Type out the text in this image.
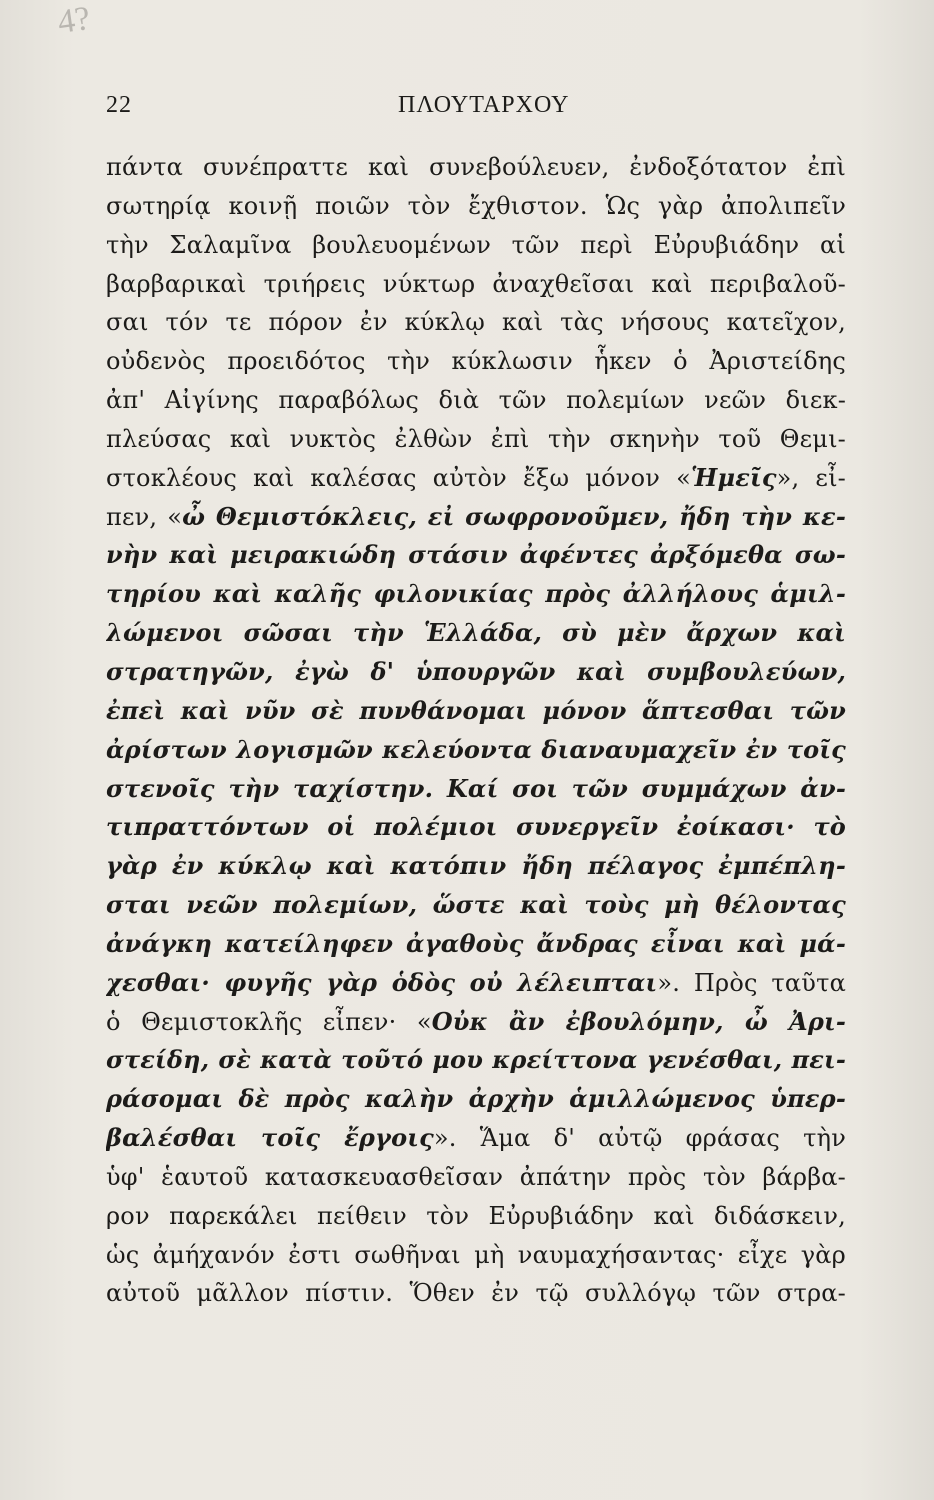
4?
22	ΠΛΟΥΤΑΡΧΟΥ
πάντα συνέπραττε καὶ συνεβούλευεν, ἐνδοξότατον ἐπὶ
σωτηρίᾳ κοινῇ ποιῶν τὸν ἔχθιστον. Ὡς γὰρ ἀπολιπεῖν
τὴν Σαλαμῖνα βουλευομένων τῶν περὶ Εὐρυβιάδην αἱ
βαρβαρικαὶ τριήρεις νύκτωρ ἀναχθεῖσαι καὶ περιβαλοῦ-
σαι τόν τε πόρον ἐν κύκλῳ καὶ τὰς νήσους κατεῖχον,
οὐδενὸς προειδότος τὴν κύκλωσιν ἧκεν ὁ Ἀριστείδης
ἀπ' Αἰγίνης παραβόλως διὰ τῶν πολεμίων νεῶν διεκ-
πλεύσας καὶ νυκτὸς ἐλθὼν ἐπὶ τὴν σκηνὴν τοῦ Θεμι-
στοκλέους καὶ καλέσας αὐτὸν ἔξω μόνον «Ἡμεῖς», εἶ-
πεν, «ὦ Θεμιστόκλεις, εἰ σωφρονοῦμεν, ἤδη τὴν κε-
νὴν καὶ μειρακιώδη στάσιν ἀφέντες ἀρξόμεθα σω-
τηρίου καὶ καλῆς φιλονικίας πρὸς ἀλλήλους ἁμιλ-
λώμενοι σῶσαι τὴν Ἑλλάδα, σὺ μὲν ἄρχων καὶ
στρατηγῶν, ἐγὼ δ' ὑπουργῶν καὶ συμβουλεύων,
ἐπεὶ καὶ νῦν σὲ πυνθάνομαι μόνον ἅπτεσθαι τῶν
ἀρίστων λογισμῶν κελεύοντα διαναυμαχεῖν ἐν τοῖς
στενοῖς τὴν ταχίστην. Καί σοι τῶν συμμάχων ἀν-
τιπραττόντων οἱ πολέμιοι συνεργεῖν ἐοίκασι· τὸ
γὰρ ἐν κύκλῳ καὶ κατόπιν ἤδη πέλαγος ἐμπέπλη-
σται νεῶν πολεμίων, ὥστε καὶ τοὺς μὴ θέλοντας
ἀνάγκη κατείληφεν ἀγαθοὺς ἄνδρας εἶναι καὶ μά-
χεσθαι· φυγῆς γὰρ ὁδὸς οὐ λέλειπται». Πρὸς ταῦτα
ὁ Θεμιστοκλῆς εἶπεν· «Οὐκ ἂν ἐβουλόμην, ὦ Ἀρι-
στείδη, σὲ κατὰ τοῦτό μου κρείττονα γενέσθαι, πει-
ράσομαι δὲ πρὸς καλὴν ἀρχὴν ἁμιλλώμενος ὑπερ-
βαλέσθαι τοῖς ἔργοις». Ἅμα δ' αὐτῷ φράσας τὴν
ὑφ' ἑαυτοῦ κατασκευασθεῖσαν ἀπάτην πρὸς τὸν βάρβα-
ρον παρεκάλει πείθειν τὸν Εὐρυβιάδην καὶ διδάσκειν,
ὡς ἀμήχανόν ἐστι σωθῆναι μὴ ναυμαχήσαντας· εἶχε γὰρ
αὐτοῦ μᾶλλον πίστιν. Ὅθεν ἐν τῷ συλλόγῳ τῶν στρα-
